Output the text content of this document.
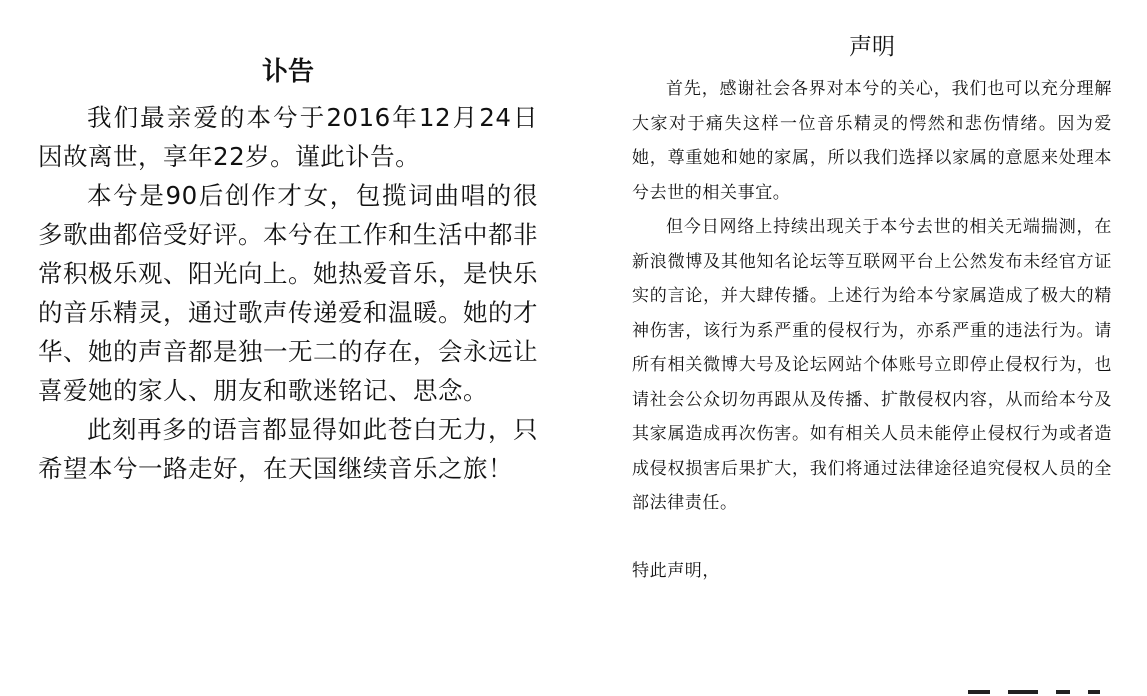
讣告

我们最亲爱的本兮于2016年12月24日因故离世，享年22岁。谨此讣告。

本兮是90后创作才女，包揽词曲唱的很多歌曲都倍受好评。本兮在工作和生活中都非常积极乐观、阳光向上。她热爱音乐，是快乐的音乐精灵，通过歌声传递爱和温暖。她的才华、她的声音都是独一无二的存在，会永远让喜爱她的家人、朋友和歌迷铭记、思念。

此刻再多的语言都显得如此苍白无力，只希望本兮一路走好，在天国继续音乐之旅！

声明

首先，感谢社会各界对本兮的关心，我们也可以充分理解大家对于痛失这样一位音乐精灵的愕然和悲伤情绪。因为爱她，尊重她和她的家属，所以我们选择以家属的意愿来处理本兮去世的相关事宜。

但今日网络上持续出现关于本兮去世的相关无端揣测，在新浪微博及其他知名论坛等互联网平台上公然发布未经官方证实的言论，并大肆传播。上述行为给本兮家属造成了极大的精神伤害，该行为系严重的侵权行为，亦系严重的违法行为。请所有相关微博大号及论坛网站个体账号立即停止侵权行为，也请社会公众切勿再跟从及传播、扩散侵权内容，从而给本兮及其家属造成再次伤害。如有相关人员未能停止侵权行为或者造成侵权损害后果扩大，我们将通过法律途径追究侵权人员的全部法律责任。

特此声明，
